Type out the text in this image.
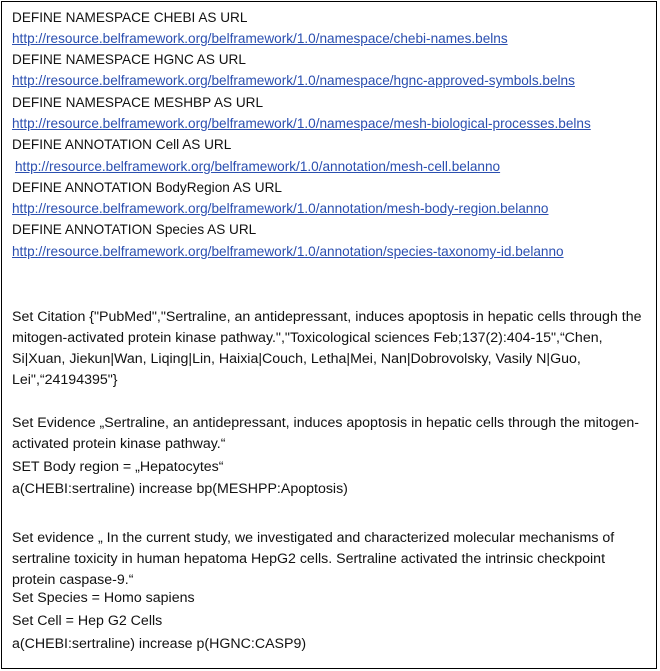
DEFINE NAMESPACE CHEBI AS URL

http://resource.belframework.org/belframework/1.0/namespace/chebi-names.belns

DEFINE NAMESPACE HGNC AS URL

http://resource.belframework.org/belframework/1.0/namespace/hgnc-approved-symbols.belns

DEFINE NAMESPACE MESHBP AS URL

http://resource.belframework.org/belframework/1.0/namespace/mesh-biological-processes.belns

DEFINE ANNOTATION Cell AS URL

http://resource.belframework.org/belframework/1.0/annotation/mesh-cell.belanno

DEFINE ANNOTATION BodyRegion AS URL

http://resource.belframework.org/belframework/1.0/annotation/mesh-body-region.belanno

DEFINE ANNOTATION Species AS URL

http://resource.belframework.org/belframework/1.0/annotation/species-taxonomy-id.belanno

Set Citation {"PubMed","Sertraline, an antidepressant, induces apoptosis in hepatic cells through the mitogen-activated protein kinase pathway.","Toxicological sciences Feb;137(2):404-15",“Chen, Si|Xuan, Jiekun|Wan, Liqing|Lin, Haixia|Couch, Letha|Mei, Nan|Dobrovolsky, Vasily N|Guo, Lei",“24194395"}

Set Evidence „Sertraline, an antidepressant, induces apoptosis in hepatic cells through the mitogen-activated protein kinase pathway.“

SET Body region = „Hepatocytes“

a(CHEBI:sertraline) increase bp(MESHPP:Apoptosis)

Set evidence „ In the current study, we investigated and characterized molecular mechanisms of sertraline toxicity in human hepatoma HepG2 cells. Sertraline activated the intrinsic checkpoint protein caspase-9.“

Set Species = Homo sapiens

Set Cell = Hep G2 Cells

a(CHEBI:sertraline) increase p(HGNC:CASP9)
